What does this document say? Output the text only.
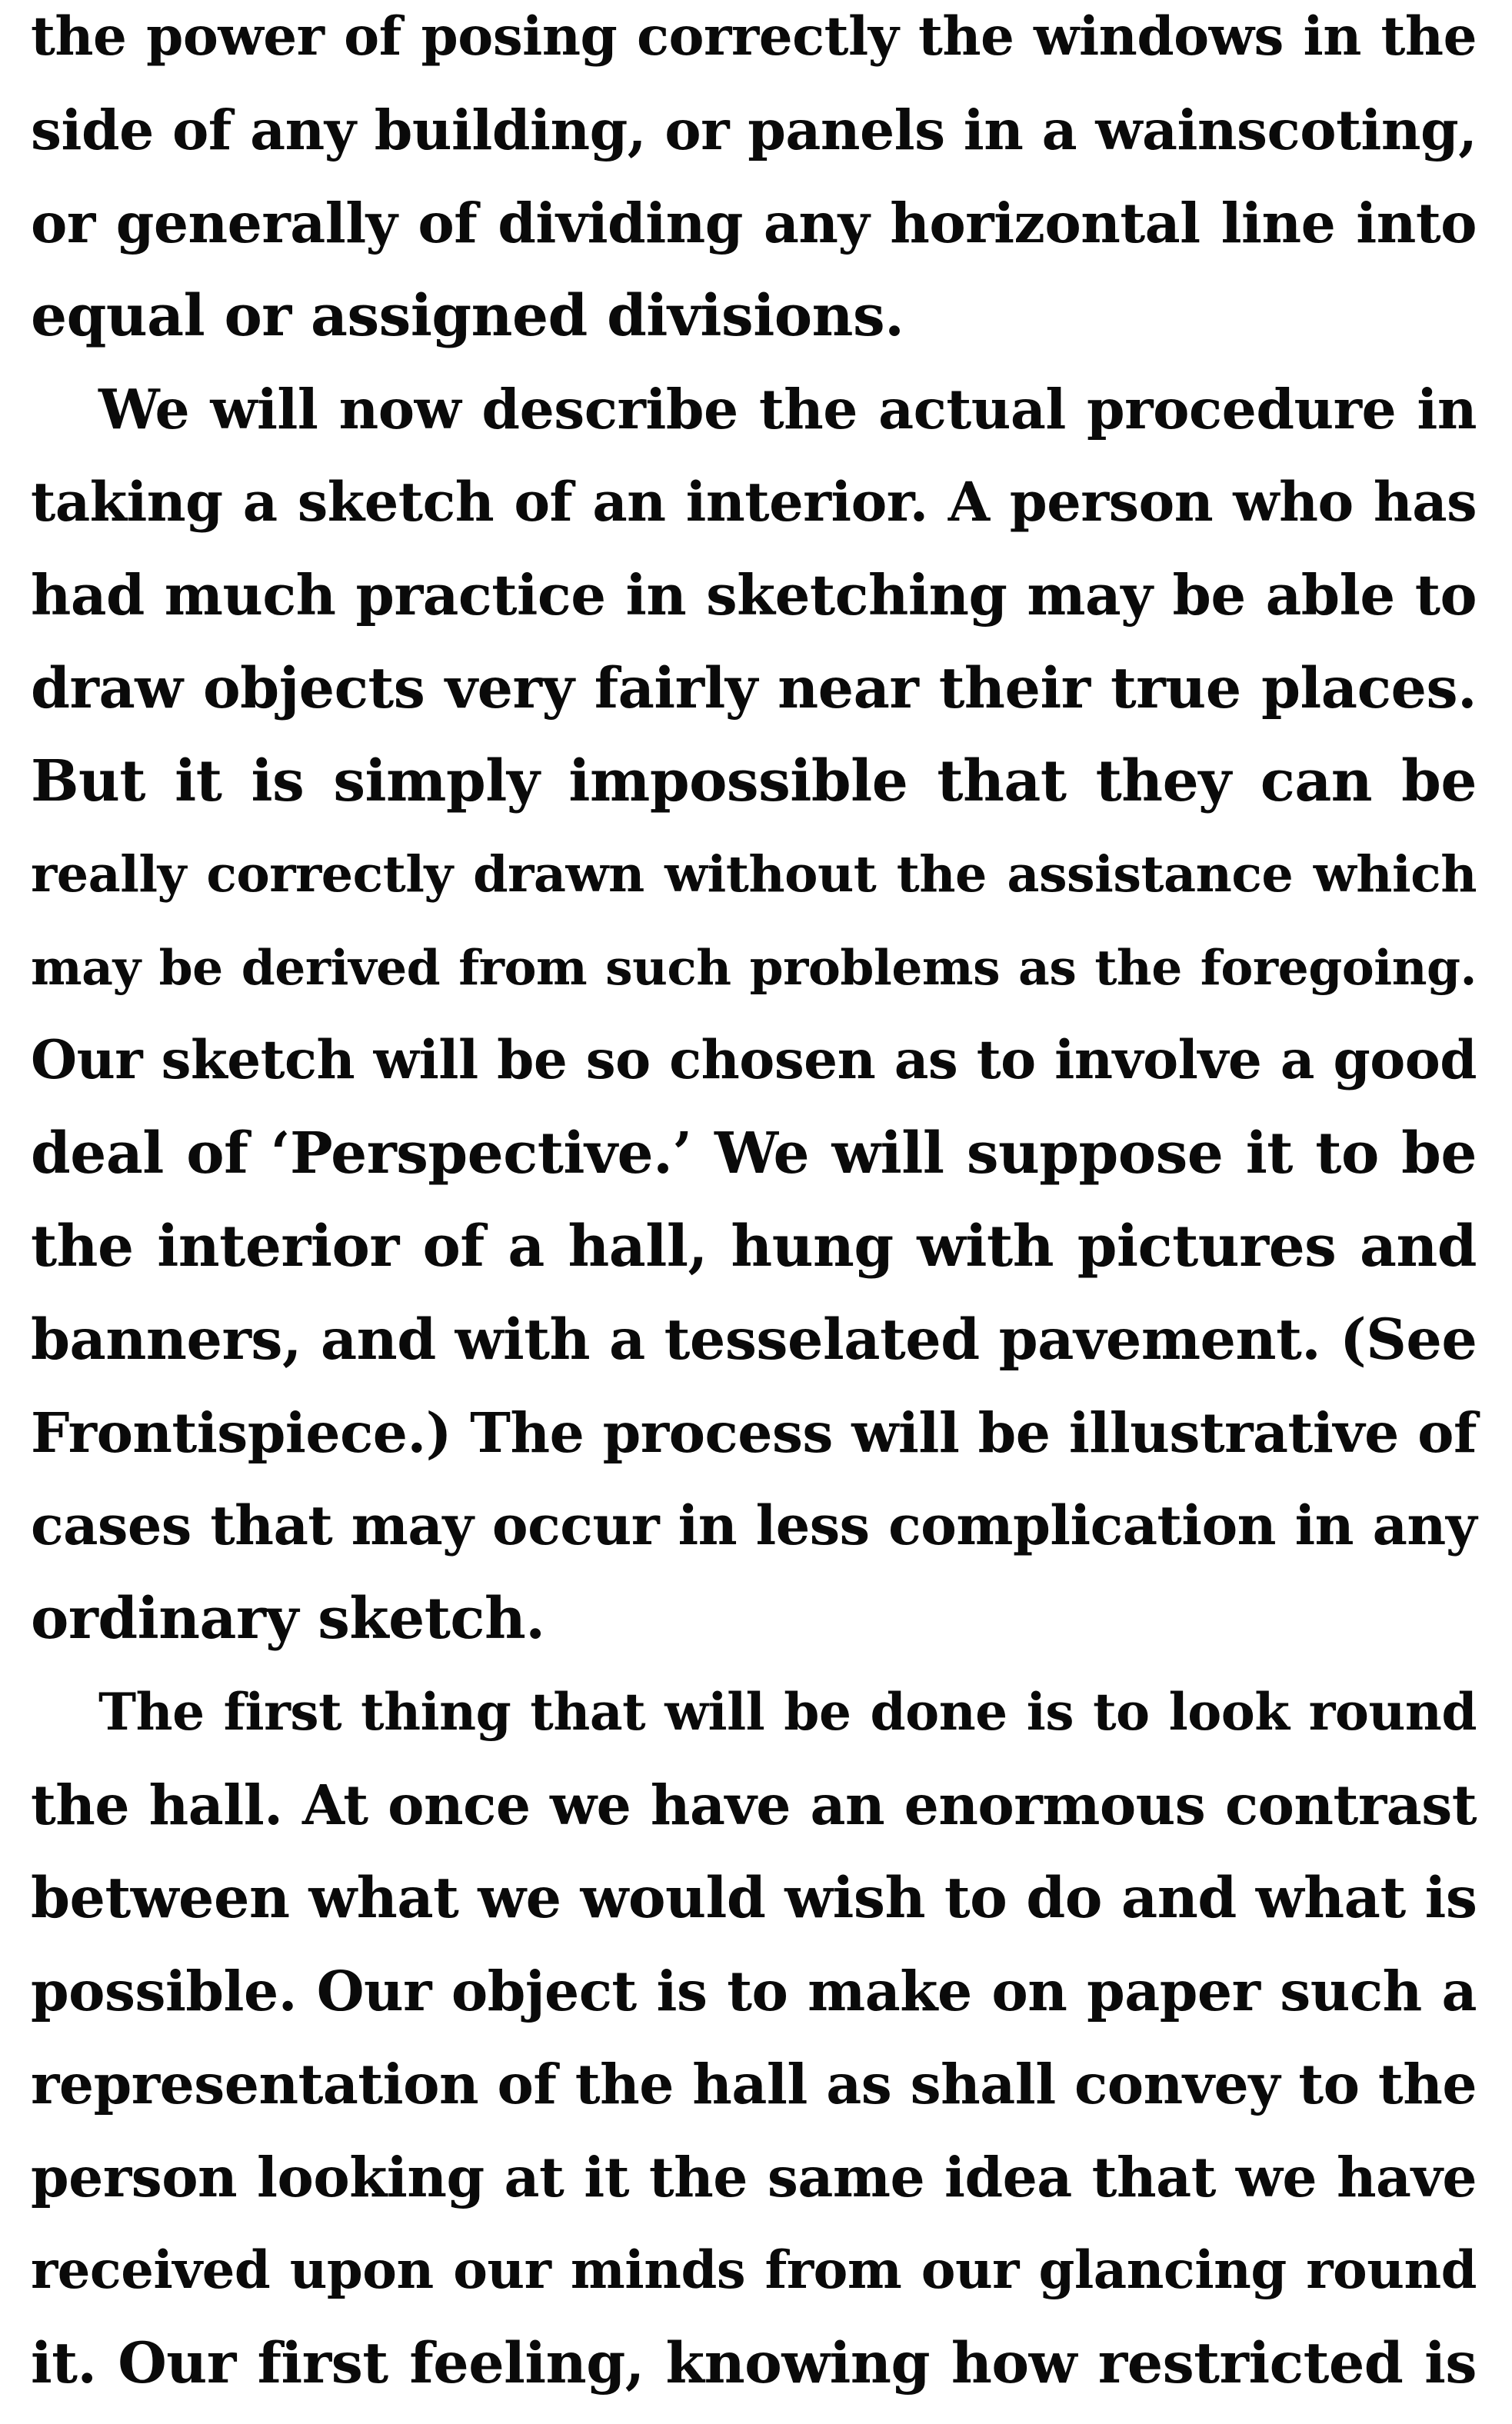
the power of posing correctly the windows in the
side of any building, or panels in a wainscoting,
or generally of dividing any horizontal line into
equal or assigned divisions.
We will now describe the actual procedure in
taking a sketch of an interior. A person who has
had much practice in sketching may be able to
draw objects very fairly near their true places.
But it is simply impossible that they can be
really correctly drawn without the assistance which
may be derived from such problems as the foregoing.
Our sketch will be so chosen as to involve a good
deal of ‘Perspective.’ We will suppose it to be
the interior of a hall, hung with pictures and
banners, and with a tesselated pavement. (See
Frontispiece.) The process will be illustrative of
cases that may occur in less complication in any
ordinary sketch.
The first thing that will be done is to look round
the hall. At once we have an enormous contrast
between what we would wish to do and what is
possible. Our object is to make on paper such a
representation of the hall as shall convey to the
person looking at it the same idea that we have
received upon our minds from our glancing round
it. Our first feeling, knowing how restricted is
